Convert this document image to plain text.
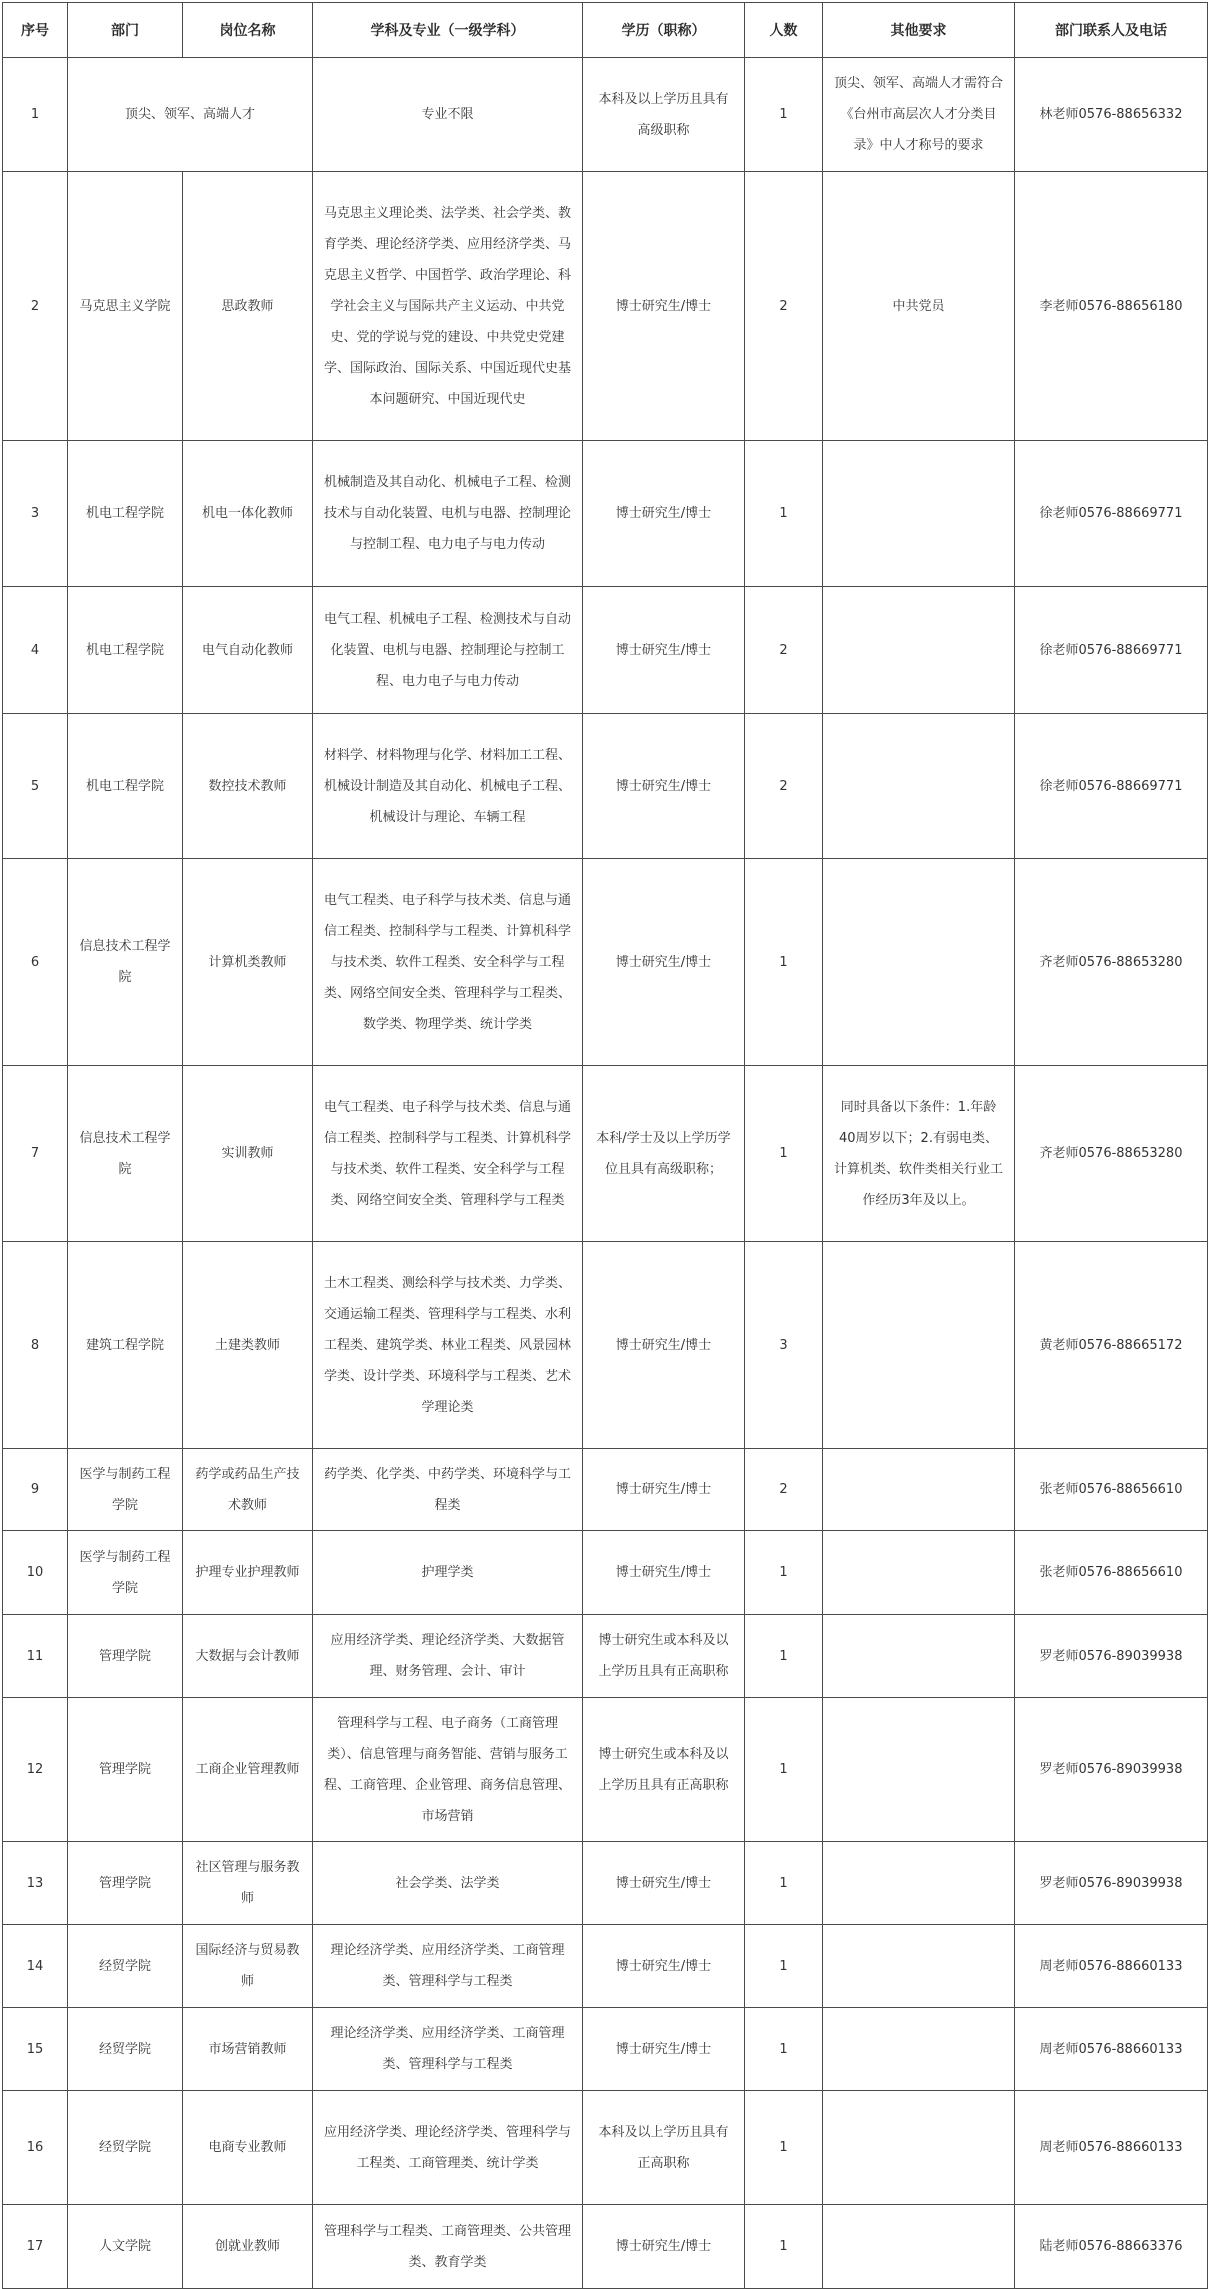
序号	部门	岗位名称	学科及专业（一级学科）	学历（职称）	人数	其他要求	部门联系人及电话
1	顶尖、领军、高端人才		专业不限	本科及以上学历且具有高级职称	1	顶尖、领军、高端人才需符合《台州市高层次人才分类目录》中人才称号的要求	林老师0576-88656332
2	马克思主义学院	思政教师	马克思主义理论类、法学类、社会学类、教育学类、理论经济学类、应用经济学类、马克思主义哲学、中国哲学、政治学理论、科学社会主义与国际共产主义运动、中共党史、党的学说与党的建设、中共党史党建学、国际政治、国际关系、中国近现代史基本问题研究、中国近现代史	博士研究生/博士	2	中共党员	李老师0576-88656180
3	机电工程学院	机电一体化教师	机械制造及其自动化、机械电子工程、检测技术与自动化装置、电机与电器、控制理论与控制工程、电力电子与电力传动	博士研究生/博士	1		徐老师0576-88669771
4	机电工程学院	电气自动化教师	电气工程、机械电子工程、检测技术与自动化装置、电机与电器、控制理论与控制工程、电力电子与电力传动	博士研究生/博士	2		徐老师0576-88669771
5	机电工程学院	数控技术教师	材料学、材料物理与化学、材料加工工程、机械设计制造及其自动化、机械电子工程、机械设计与理论、车辆工程	博士研究生/博士	2		徐老师0576-88669771
6	信息技术工程学院	计算机类教师	电气工程类、电子科学与技术类、信息与通信工程类、控制科学与工程类、计算机科学与技术类、软件工程类、安全科学与工程类、网络空间安全类、管理科学与工程类、数学类、物理学类、统计学类	博士研究生/博士	1		齐老师0576-88653280
7	信息技术工程学院	实训教师	电气工程类、电子科学与技术类、信息与通信工程类、控制科学与工程类、计算机科学与技术类、软件工程类、安全科学与工程类、网络空间安全类、管理科学与工程类	本科/学士及以上学历学位且具有高级职称；	1	同时具备以下条件：1.年龄40周岁以下；2.有弱电类、计算机类、软件类相关行业工作经历3年及以上。	齐老师0576-88653280
8	建筑工程学院	土建类教师	土木工程类、测绘科学与技术类、力学类、交通运输工程类、管理科学与工程类、水利工程类、建筑学类、林业工程类、风景园林学类、设计学类、环境科学与工程类、艺术学理论类	博士研究生/博士	3		黄老师0576-88665172
9	医学与制药工程学院	药学或药品生产技术教师	药学类、化学类、中药学类、环境科学与工程类	博士研究生/博士	2		张老师0576-88656610
10	医学与制药工程学院	护理专业护理教师	护理学类	博士研究生/博士	1		张老师0576-88656610
11	管理学院	大数据与会计教师	应用经济学类、理论经济学类、大数据管理、财务管理、会计、审计	博士研究生或本科及以上学历且具有正高职称	1		罗老师0576-89039938
12	管理学院	工商企业管理教师	管理科学与工程、电子商务（工商管理类）、信息管理与商务智能、营销与服务工程、工商管理、企业管理、商务信息管理、市场营销	博士研究生或本科及以上学历且具有正高职称	1		罗老师0576-89039938
13	管理学院	社区管理与服务教师	社会学类、法学类	博士研究生/博士	1		罗老师0576-89039938
14	经贸学院	国际经济与贸易教师	理论经济学类、应用经济学类、工商管理类、管理科学与工程类	博士研究生/博士	1		周老师0576-88660133
15	经贸学院	市场营销教师	理论经济学类、应用经济学类、工商管理类、管理科学与工程类	博士研究生/博士	1		周老师0576-88660133
16	经贸学院	电商专业教师	应用经济学类、理论经济学类、管理科学与工程类、工商管理类、统计学类	本科及以上学历且具有正高职称	1		周老师0576-88660133
17	人文学院	创就业教师	管理科学与工程类、工商管理类、公共管理类、教育学类	博士研究生/博士	1		陆老师0576-88663376
